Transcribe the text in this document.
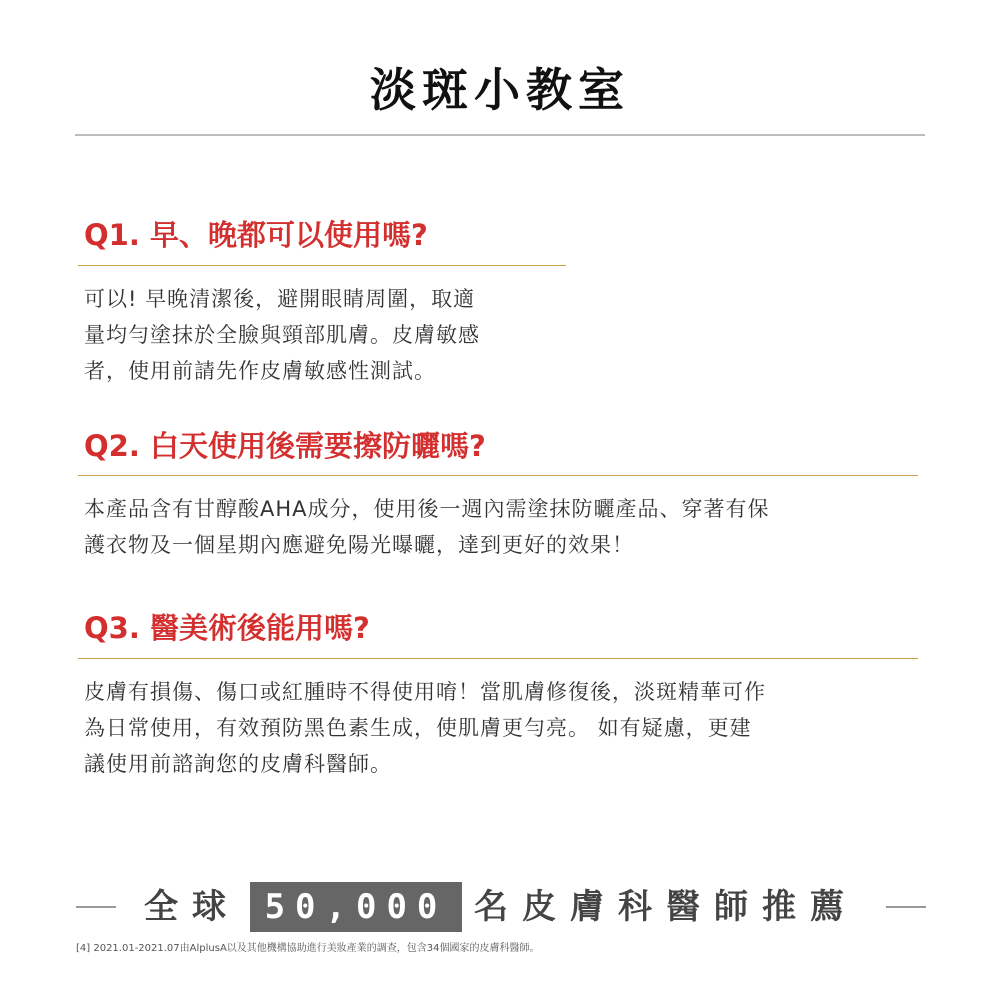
淡斑小教室
Q1. 早、晚都可以使用嗎?
可以! 早晚清潔後，避開眼睛周圍，取適
量均勻塗抹於全臉與頸部肌膚。皮膚敏感
者，使用前請先作皮膚敏感性測試。
Q2. 白天使用後需要擦防曬嗎?
本產品含有甘醇酸AHA成分，使用後一週內需塗抹防曬產品、穿著有保
護衣物及一個星期內應避免陽光曝曬，達到更好的效果！
Q3. 醫美術後能用嗎?
皮膚有損傷、傷口或紅腫時不得使用唷！當肌膚修復後，淡斑精華可作
為日常使用，有效預防黑色素生成，使肌膚更勻亮。 如有疑慮，更建
議使用前諮詢您的皮膚科醫師。
全球 50,000 名皮膚科醫師推薦
[4] 2021.01-2021.07由AlplusA以及其他機構協助進行美妝產業的調查，包含34個國家的皮膚科醫師。
